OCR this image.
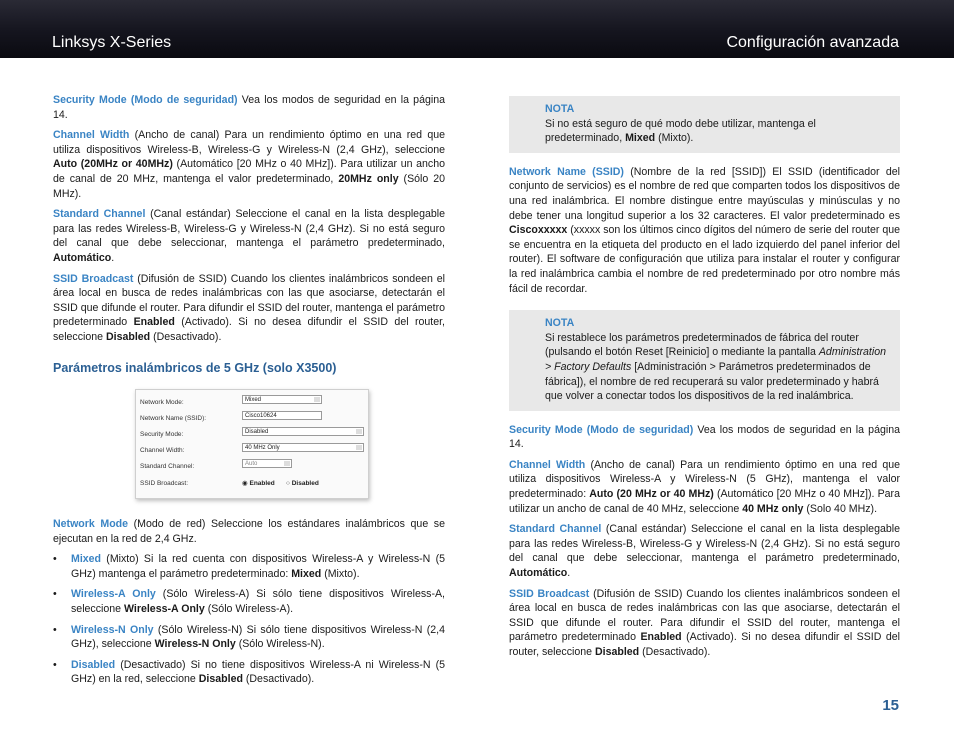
Linksys X-Series	Configuración avanzada

Security Mode (Modo de seguridad) Vea los modos de seguridad en la página 14.

Channel Width (Ancho de canal) Para un rendimiento óptimo en una red que utiliza dispositivos Wireless-B, Wireless-G y Wireless-N (2,4 GHz), seleccione Auto (20MHz or 40MHz) (Automático [20 MHz o 40 MHz]). Para utilizar un ancho de canal de 20 MHz, mantenga el valor predeterminado, 20MHz only (Sólo 20 MHz).

Standard Channel (Canal estándar) Seleccione el canal en la lista desplegable para las redes Wireless-B, Wireless-G y Wireless-N (2,4 GHz). Si no está seguro del canal que debe seleccionar, mantenga el parámetro predeterminado, Automático.

SSID Broadcast (Difusión de SSID) Cuando los clientes inalámbricos sondeen el área local en busca de redes inalámbricas con las que asociarse, detectarán el SSID que difunde el router. Para difundir el SSID del router, mantenga el parámetro predeterminado Enabled (Activado). Si no desea difundir el SSID del router, seleccione Disabled (Desactivado).

Parámetros inalámbricos de 5 GHz (solo X3500)
Network Mode:	Mixed
Network Name (SSID):	Cisco10624
Security Mode:	Disabled
Channel Width:	40 MHz Only
Standard Channel:	Auto
SSID Broadcast:	◉ Enabled ○ Disabled

Network Mode (Modo de red) Seleccione los estándares inalámbricos que se ejecutan en la red de 2,4 GHz.

• Mixed (Mixto) Si la red cuenta con dispositivos Wireless-A y Wireless-N (5 GHz) mantenga el parámetro predeterminado: Mixed (Mixto).
• Wireless-A Only (Sólo Wireless-A) Si sólo tiene dispositivos Wireless-A, seleccione Wireless-A Only (Sólo Wireless-A).
• Wireless-N Only (Sólo Wireless-N) Si sólo tiene dispositivos Wireless-N (2,4 GHz), seleccione Wireless-N Only (Sólo Wireless-N).
• Disabled (Desactivado) Si no tiene dispositivos Wireless-A ni Wireless-N (5 GHz) en la red, seleccione Disabled (Desactivado).
NOTA

Si no está seguro de qué modo debe utilizar, mantenga el predeterminado, Mixed (Mixto).

Network Name (SSID) (Nombre de la red [SSID]) El SSID (identificador del conjunto de servicios) es el nombre de red que comparten todos los dispositivos de una red inalámbrica. El nombre distingue entre mayúsculas y minúsculas y no debe tener una longitud superior a los 32 caracteres. El valor predeterminado es Ciscoxxxxx (xxxxx son los últimos cinco dígitos del número de serie del router que se encuentra en la etiqueta del producto en el lado izquierdo del panel inferior del router). El software de configuración que utiliza para instalar el router y configurar la red inalámbrica cambia el nombre de red predeterminado por otro nombre más fácil de recordar.

NOTA

Si restablece los parámetros predeterminados de fábrica del router (pulsando el botón Reset [Reinicio] o mediante la pantalla Administration > Factory Defaults [Administración > Parámetros predeterminados de fábrica]), el nombre de red recuperará su valor predeterminado y habrá que volver a conectar todos los dispositivos de la red inalámbrica.

Security Mode (Modo de seguridad) Vea los modos de seguridad en la página 14.

Channel Width (Ancho de canal) Para un rendimiento óptimo en una red que utiliza dispositivos Wireless-A y Wireless-N (5 GHz), mantenga el valor predeterminado: Auto (20 MHz or 40 MHz) (Automático [20 MHz o 40 MHz]). Para utilizar un ancho de canal de 40 MHz, seleccione 40 MHz only (Solo 40 MHz).

Standard Channel (Canal estándar) Seleccione el canal en la lista desplegable para las redes Wireless-B, Wireless-G y Wireless-N (2,4 GHz). Si no está seguro del canal que debe seleccionar, mantenga el parámetro predeterminado, Automático.

SSID Broadcast (Difusión de SSID) Cuando los clientes inalámbricos sondeen el área local en busca de redes inalámbricas con las que asociarse, detectarán el SSID que difunde el router. Para difundir el SSID del router, mantenga el parámetro predeterminado Enabled (Activado). Si no desea difundir el SSID del router, seleccione Disabled (Desactivado).

15
